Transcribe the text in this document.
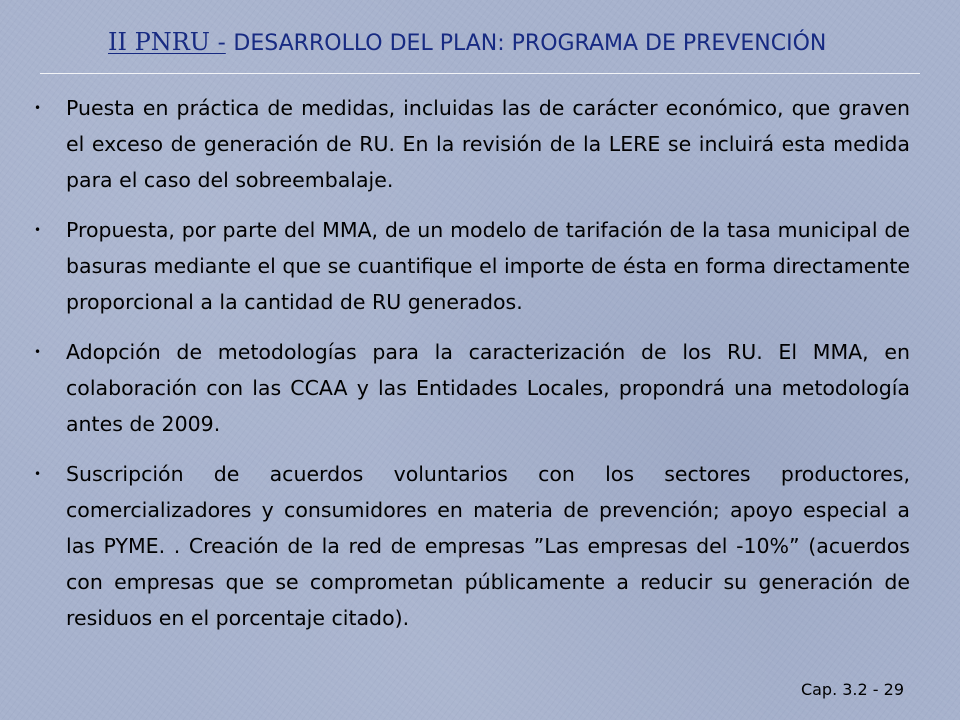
II PNRU - DESARROLLO DEL PLAN: PROGRAMA DE PREVENCIÓN
•	Puesta en práctica de medidas, incluidas las de carácter económico, que graven el exceso de generación de RU. En la revisión de la LERE se incluirá esta medida para el caso del sobreembalaje.
•	Propuesta, por parte del MMA, de un modelo de tarifación de la tasa municipal de basuras mediante el que se cuantifique el importe de ésta en forma directamente proporcional a la cantidad de RU generados.
•	Adopción de metodologías para la caracterización de los RU. El MMA, en colaboración con las CCAA y las Entidades Locales, propondrá una metodología antes de 2009.
•	Suscripción de acuerdos voluntarios con los sectores productores, comercializadores y consumidores en materia de prevención; apoyo especial a las PYME. . Creación de la red de empresas ”Las empresas del -10%” (acuerdos con empresas que se comprometan públicamente a reducir su generación de residuos en el porcentaje citado).
Cap. 3.2 - 29
